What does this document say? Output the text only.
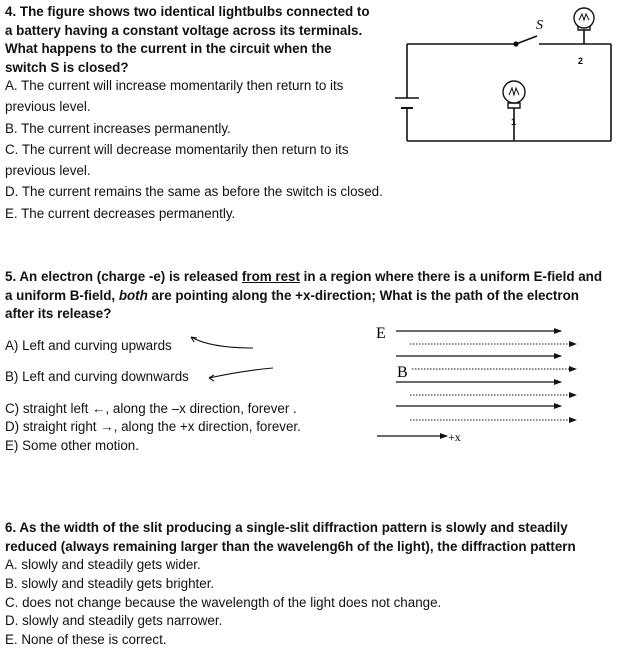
4. The figure shows two identical lightbulbs connected to
a battery having a constant voltage across its terminals.
What happens to the current in the circuit when the
switch S is closed?
A. The current will increase momentarily then return to its
previous level.
B. The current increases permanently.
C. The current will decrease momentarily then return to its
previous level.
D. The current remains the same as before the switch is closed.
E. The current decreases permanently.
S
1
2
5. An electron (charge -e) is released from rest in a region where there is a uniform E-field and
a uniform B-field, both are pointing along the +x-direction; What is the path of the electron
after its release?
A) Left and curving upwards
B) Left and curving downwards
C) straight left ←, along the –x direction, forever .
D) straight right →, along the +x direction, forever.
E) Some other motion.
E
B
+x
6. As the width of the slit producing a single-slit diffraction pattern is slowly and steadily
reduced (always remaining larger than the waveleng6h of the light), the diffraction pattern
A. slowly and steadily gets wider.
B. slowly and steadily gets brighter.
C. does not change because the wavelength of the light does not change.
D. slowly and steadily gets narrower.
E. None of these is correct.
